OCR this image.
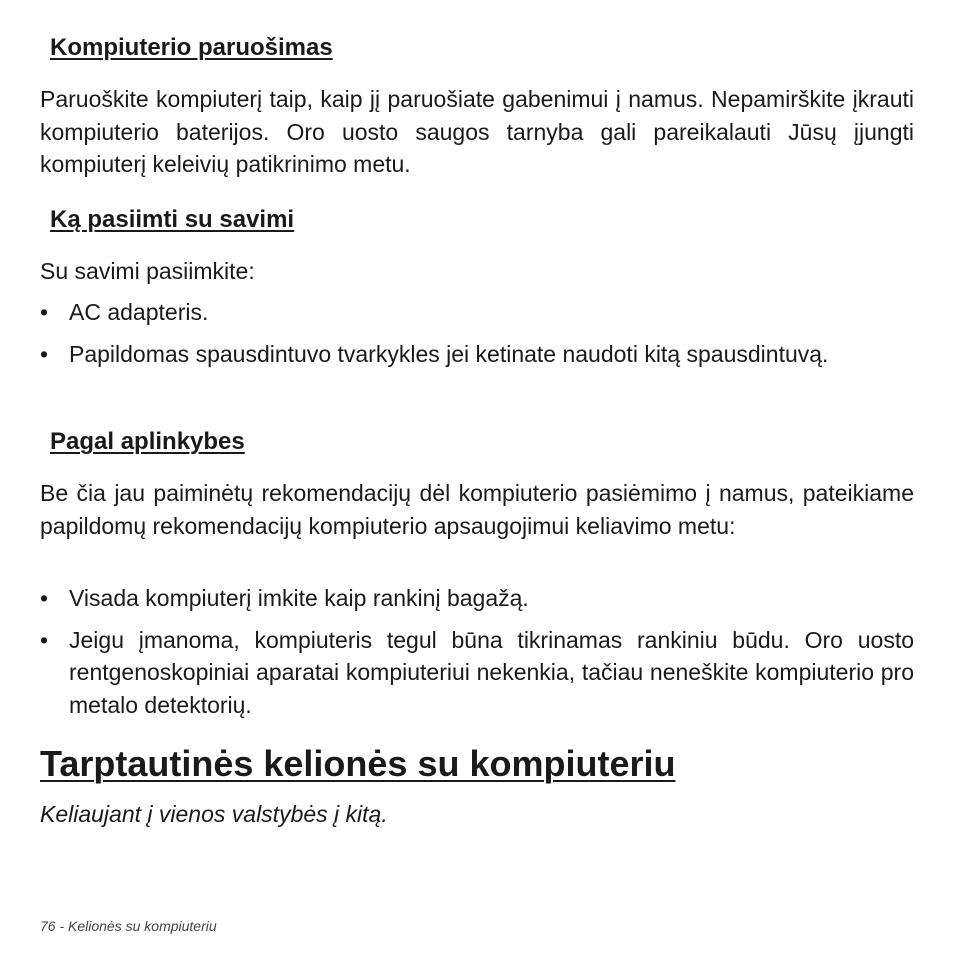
Kompiuterio paruošimas

Paruoškite kompiuterį taip, kaip jį paruošiate gabenimui į namus. Nepamirškite įkrauti kompiuterio baterijos. Oro uosto saugos tarnyba gali pareikalauti Jūsų įjungti kompiuterį keleivių patikrinimo metu.

Ką pasiimti su savimi

Su savimi pasiimkite:

• AC adapteris.
• Papildomas spausdintuvo tvarkykles jei ketinate naudoti kitą spausdintuvą.
Pagal aplinkybes

Be čia jau paiminėtų rekomendacijų dėl kompiuterio pasiėmimo į namus, pateikiame papildomų rekomendacijų kompiuterio apsaugojimui keliavimo metu:

• Visada kompiuterį imkite kaip rankinį bagažą.
• Jeigu įmanoma, kompiuteris tegul būna tikrinamas rankiniu būdu. Oro uosto rentgenoskopiniai aparatai kompiuteriui nekenkia, tačiau neneškite kompiuterio pro metalo detektorių.
Tarptautinės kelionės su kompiuteriu

Keliaujant į vienos valstybės į kitą.

76 - Kelionės su kompiuteriu
